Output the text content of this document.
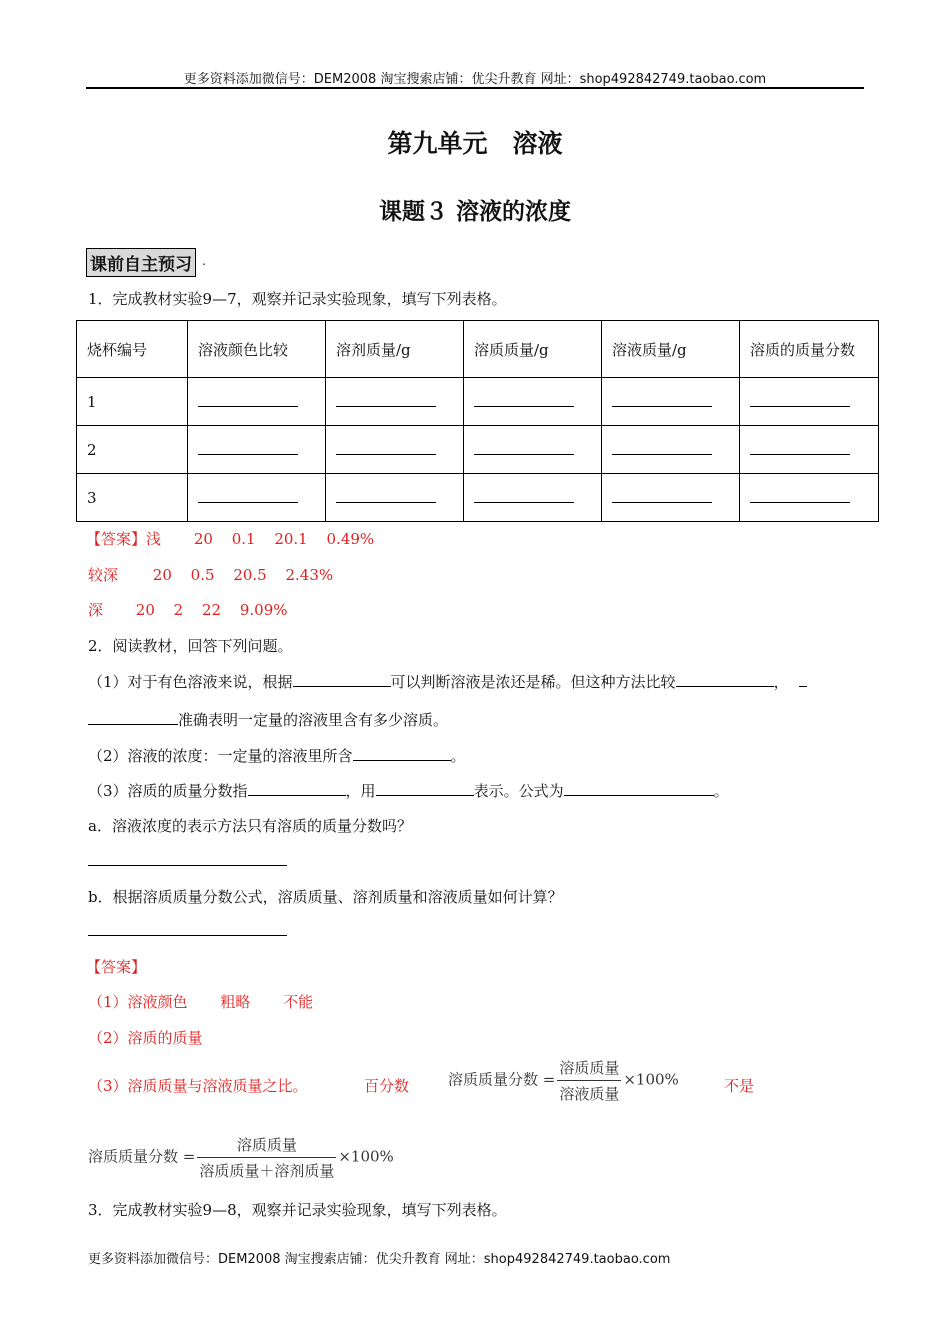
更多资料添加微信号：DEM2008 淘宝搜索店铺：优尖升教育 网址：shop492842749.taobao.com
第九单元　溶液
课题３ 溶液的浓度
课前自主预习 .
1．完成教材实验9—7，观察并记录实验现象，填写下列表格。
烧杯编号	溶液颜色比较	溶剂质量/g	溶质质量/g	溶液质量/g	溶质的质量分数
1					
2					
3					
【答案】浅 20 0.1 20.1 0.49%
较深 20 0.5 20.5 2.43%
深 20 2 22 9.09%
2．阅读教材，回答下列问题。
（1）对于有色溶液来说，根据	可以判断溶液是浓还是稀。但这种方法比较	，
准确表明一定量的溶液里含有多少溶质。
（2）溶液的浓度：一定量的溶液里所含	。
（3）溶质的质量分数指	，用	表示。公式为	。
a．溶液浓度的表示方法只有溶质的质量分数吗？
b．根据溶质质量分数公式，溶质质量、溶剂质量和溶液质量如何计算？
【答案】
（1）溶液颜色 粗略 不能
（2）溶质的质量
（3）溶质质量与溶液质量之比。	百分数	溶质质量分数 = $\frac{\text{溶质质量}}{\text{溶液质量}} \times 100\%$	不是
溶质质量分数 = $\frac{\text{溶质质量}}{\text{溶质质量＋溶剂质量}} \times 100\%$
3．完成教材实验9—8，观察并记录实验现象，填写下列表格。
更多资料添加微信号：DEM2008 淘宝搜索店铺：优尖升教育 网址：shop492842749.taobao.com
